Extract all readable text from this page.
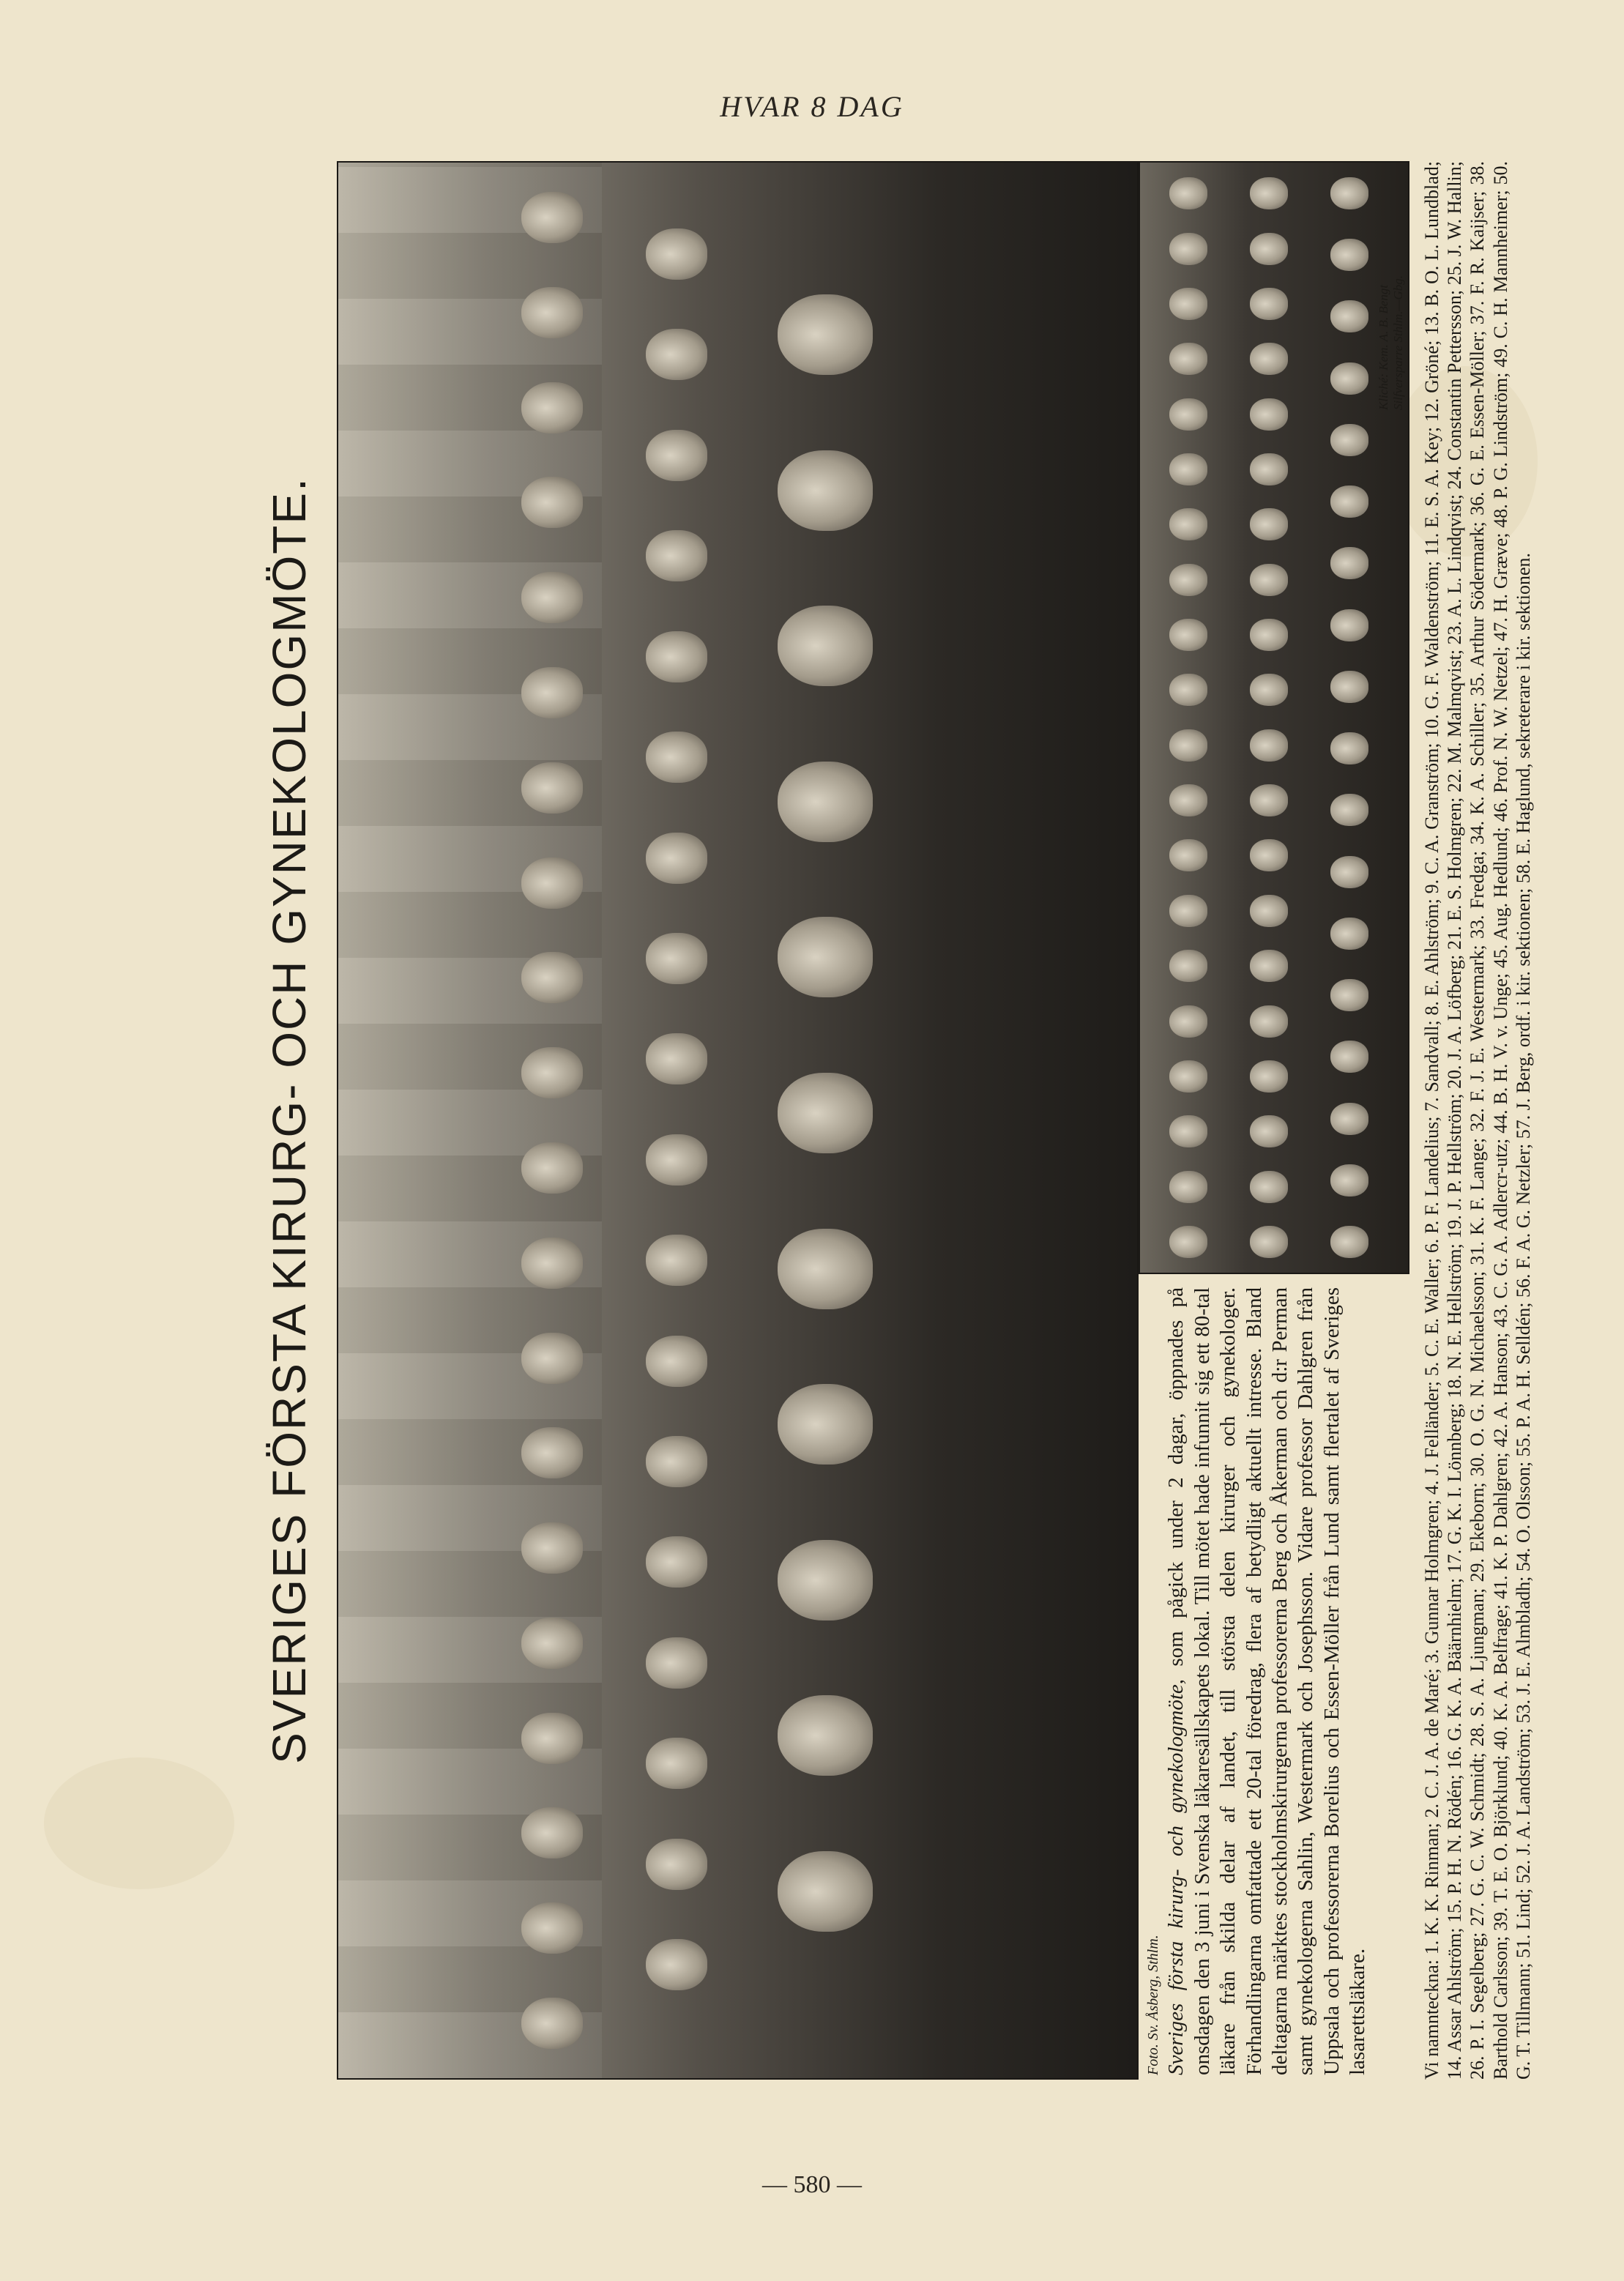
HVAR 8 DAG
SVERIGES FÖRSTA KIRURG- OCH GYNEKOLOGMÖTE.
Foto. Sv. Åsberg, Sthlm. Sveriges första kirurg- och gynekologmöte, som pågick under 2 dagar, öppnades på onsdagen den 3 juni i Svenska läkaresällskapets lokal. Till mötet hade infunnit sig ett 80-tal läkare från skilda delar af landet, till största delen kirurger och gynekologer. Förhandlingarna omfattade ett 20-tal föredrag, flera af betydligt aktuellt intresse. Bland deltagarna märktes stockholmskirurgerna professorerna Berg och Åkerman och d:r Perman samt gynekologerna Sahlin, Westermark och Josephsson. Vidare professor Dahlgren från Uppsala och professorerna Borelius och Essen-Möller från Lund samt flertalet af Sveriges lasarettsläkare.	Vi namnteckna: 1. K. K. Rinman; 2. C. J. A. de Maré; 3. Gunnar Holmgren; 4. J. Felländer; 5. C. E. Waller; 6. P. F. Landelius; 7. Sandvall; 8. E. Ahlström; 9. C. A. Granström; 10. G. F. Waldenström; 11. E. S. A. Key; 12. Gröné; 13. B. O. L. Lundblad; 14. Assar Ahlström; 15. P. H. N. Rödén; 16. G. K. A. Bäärnhielm; 17. G. K. I. Lönnberg; 18. N. E. Hellström; 19. J. P. Hellström; 20. J. A. Löfberg; 21. E. S. Holmgren; 22. M. Malmqvist; 23. A. L. Lindqvist; 24. Constantin Pettersson; 25. J. W. Hallin; 26. P. I. Segelberg; 27. G. C. W. Schmidt; 28. S. A. Ljungman; 29. Ekeborn; 30. O. G. N. Michaelsson; 31. K. F. Lange; 32. F. J. E. Westermark; 33. Fredga; 34. K. A. Schiller; 35. Arthur Södermark; 36. G. E. Essen-Möller; 37. F. R. Kaijser; 38. Barthold Carlsson; 39. T. E. O. Björklund; 40. K. A. Belfrage; 41. K. P. Dahlgren; 42. A. Hanson; 43. C. G. A. Adlercr-utz; 44. B. H. V. v. Unge; 45. Aug. Hedlund; 46. Prof. N. W. Netzel; 47. H. Græve; 48. P. G. Lindström; 49. C. H. Mannheimer; 50. G. T. Tillmann; 51. Lind; 52. J. A. Landström; 53. J. E. Almbladh; 54. O. Olsson; 55. P. A. H. Selldén; 56. F. A. G. Netzler; 57. J. Berg, ordf. i kir. sektionen; 58. E. Haglund, sekreterare i kir. sektionen.
— 580 —
Kliché: Kem. A. B. Bengt Silfversparre Sthlm.—Gbg.
